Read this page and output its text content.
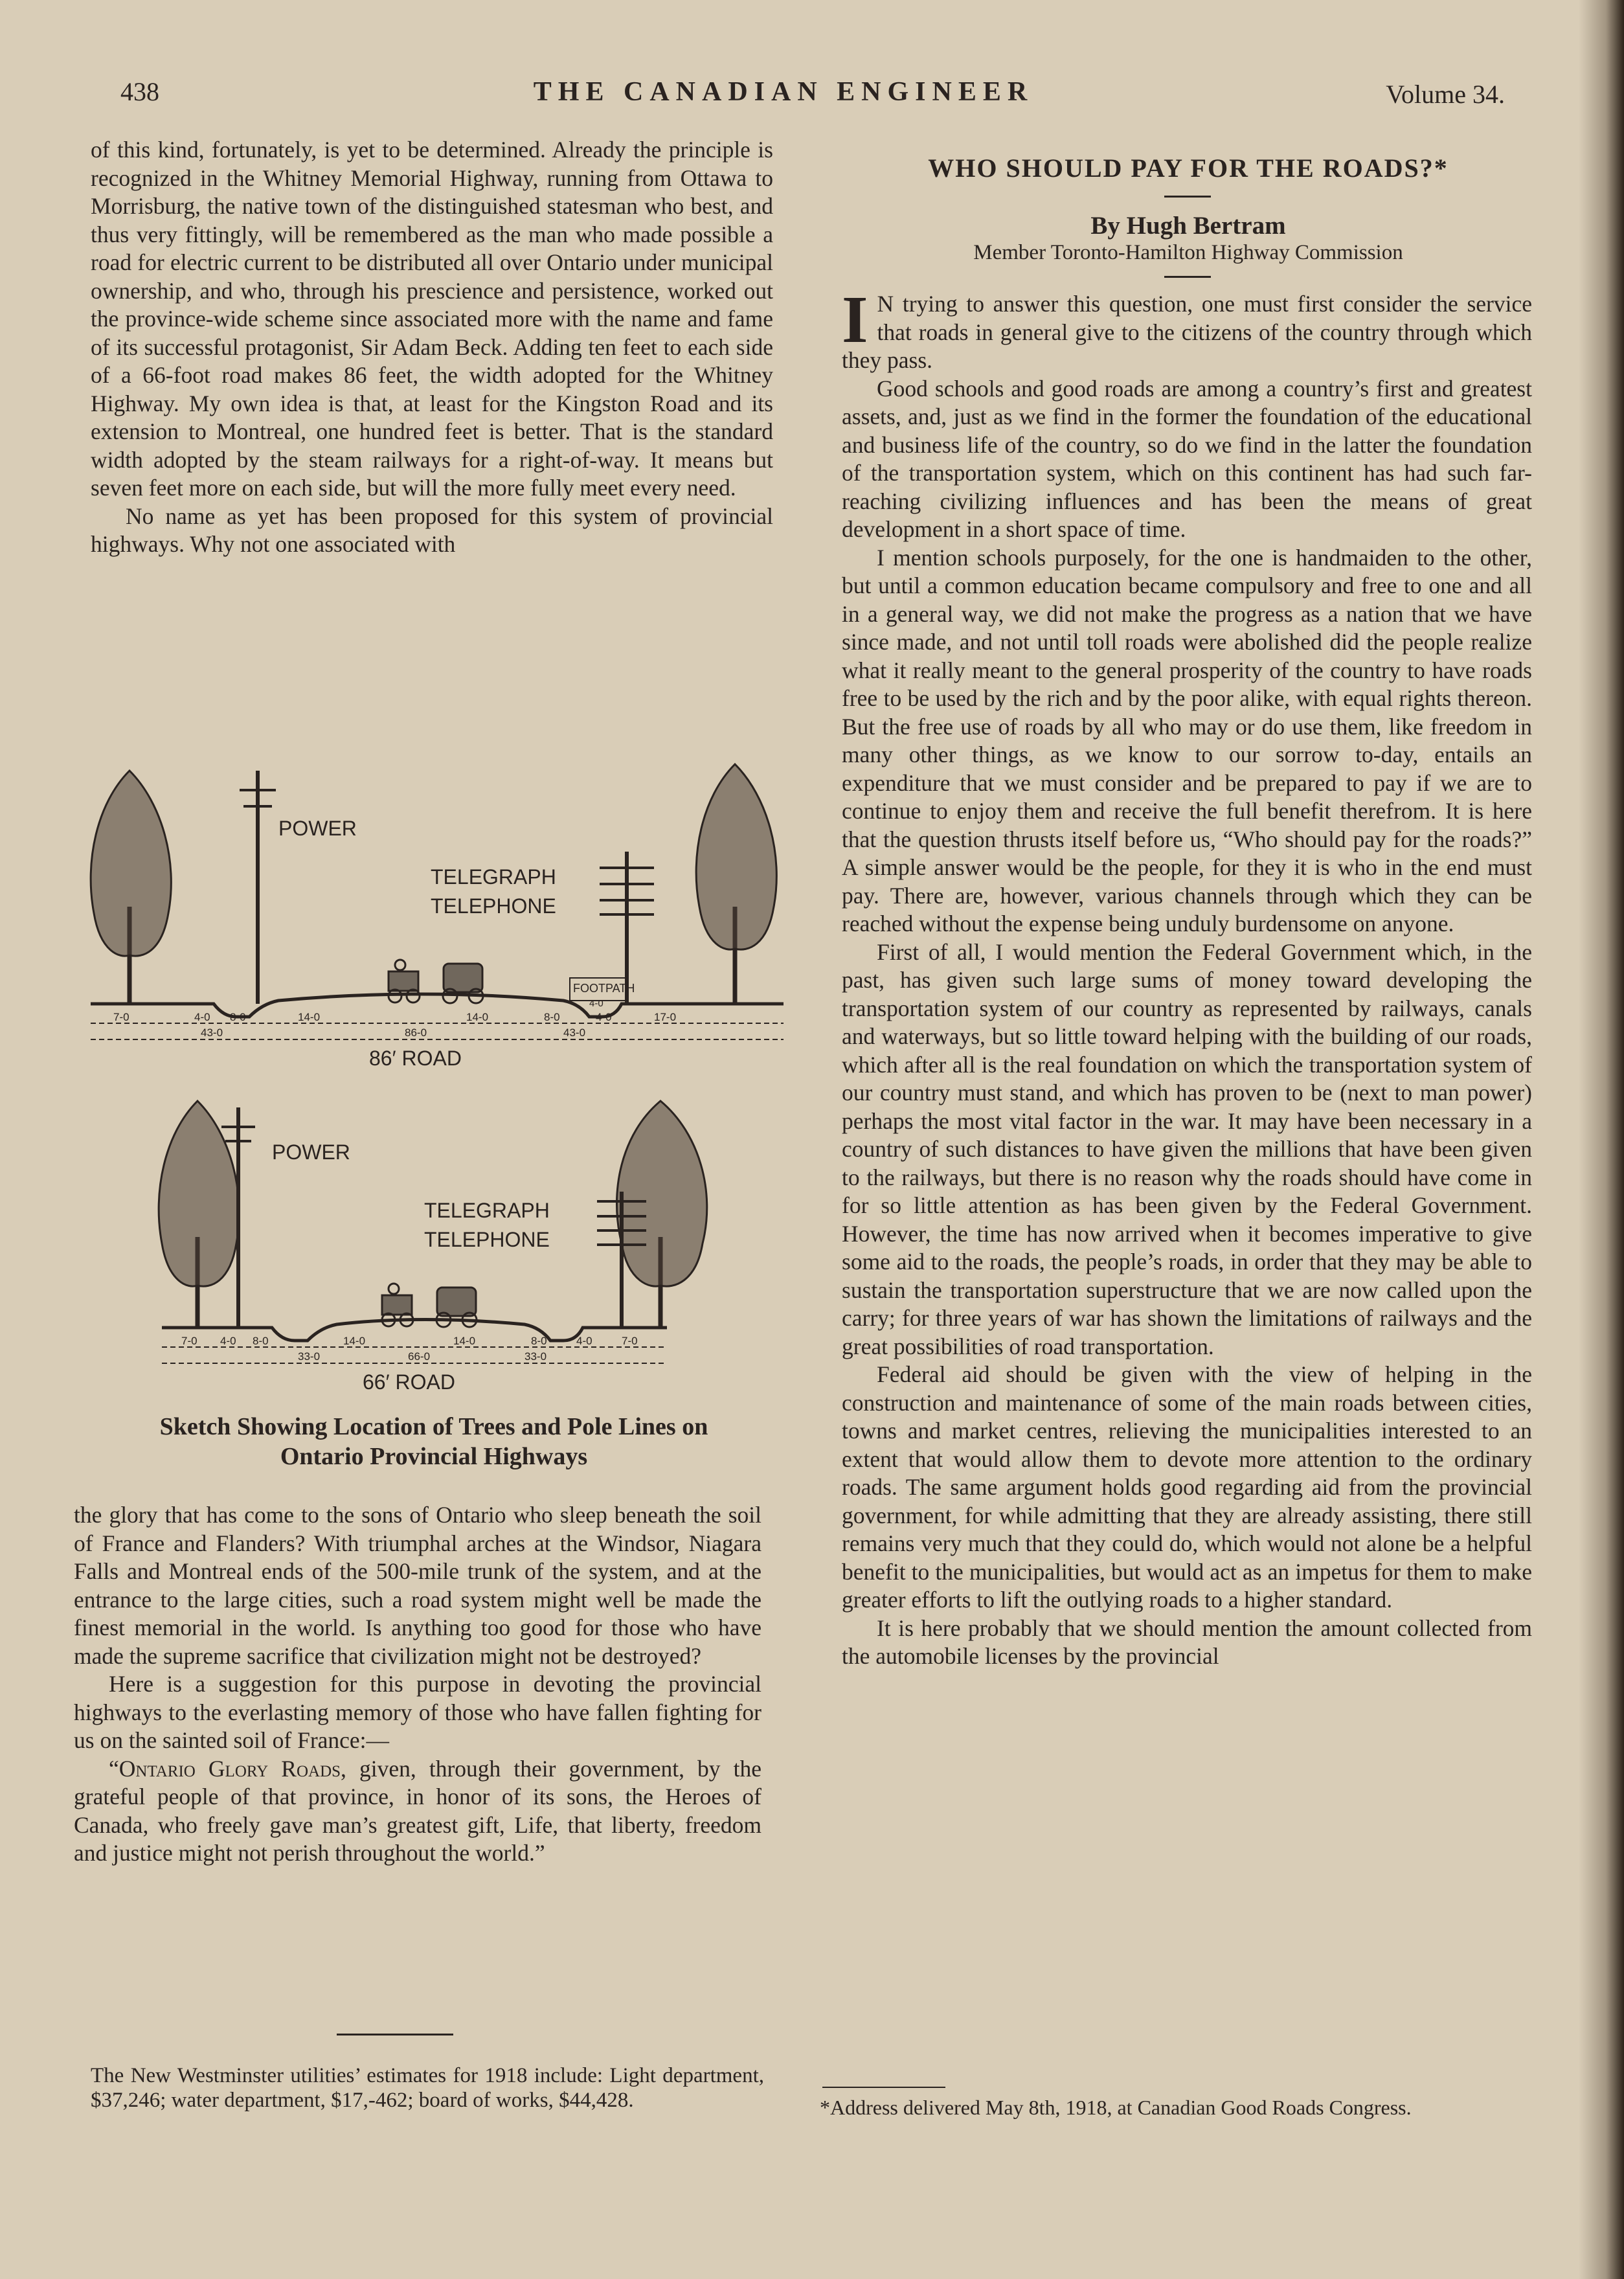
438	THE CANADIAN ENGINEER	Volume 34.

of this kind, fortunately, is yet to be determined. Already the principle is recognized in the Whitney Memorial Highway, running from Ottawa to Morrisburg, the native town of the distinguished statesman who best, and thus very fittingly, will be remembered as the man who made possible a road for electric current to be distributed all over Ontario under municipal ownership, and who, through his prescience and persistence, worked out the province-wide scheme since associated more with the name and fame of its successful protagonist, Sir Adam Beck. Adding ten feet to each side of a 66-foot road makes 86 feet, the width adopted for the Whitney Highway. My own idea is that, at least for the Kingston Road and its extension to Montreal, one hundred feet is better. That is the standard width adopted by the steam railways for a right-of-way. It means but seven feet more on each side, but will the more fully meet every need.

No name as yet has been proposed for this system of provincial highways. Why not one associated with

POWER
TELEGRAPH
TELEPHONE
FOOTPATH
4-0
7-0	4-0 8-0	14-0	14-0	8-0	4-0	17-0
43-0	86-0	43-0
86′ ROAD
POWER
TELEGRAPH
TELEPHONE
7-0 4-0 8-0	14-0	14-0	8-0	4-0	7-0
33-0	66-0	33-0
66′ ROAD
Sketch Showing Location of Trees and Pole Lines on
Ontario Provincial Highways

the glory that has come to the sons of Ontario who sleep beneath the soil of France and Flanders? With triumphal arches at the Windsor, Niagara Falls and Montreal ends of the 500-mile trunk of the system, and at the entrance to the large cities, such a road system might well be made the finest memorial in the world. Is anything too good for those who have made the supreme sacrifice that civilization might not be destroyed?

Here is a suggestion for this purpose in devoting the provincial highways to the everlasting memory of those who have fallen fighting for us on the sainted soil of France:—

“Ontario Glory Roads, given, through their government, by the grateful people of that province, in honor of its sons, the Heroes of Canada, who freely gave man’s greatest gift, Life, that liberty, freedom and justice might not perish throughout the world.”

The New Westminster utilities’ estimates for 1918 include: Light department, $37,246; water department, $17,-462; board of works, $44,428.
WHO SHOULD PAY FOR THE ROADS?*
By Hugh Bertram
Member Toronto-Hamilton Highway Commission

I N trying to answer this question, one must first consider the service that roads in general give to the citizens of the country through which they pass.

Good schools and good roads are among a country’s first and greatest assets, and, just as we find in the former the foundation of the educational and business life of the country, so do we find in the latter the foundation of the transportation system, which on this continent has had such far-reaching civilizing influences and has been the means of great development in a short space of time.

I mention schools purposely, for the one is handmaiden to the other, but until a common education became compulsory and free to one and all in a general way, we did not make the progress as a nation that we have since made, and not until toll roads were abolished did the people realize what it really meant to the general prosperity of the country to have roads free to be used by the rich and by the poor alike, with equal rights thereon. But the free use of roads by all who may or do use them, like freedom in many other things, as we know to our sorrow to-day, entails an expenditure that we must consider and be prepared to pay if we are to continue to enjoy them and receive the full benefit therefrom. It is here that the question thrusts itself before us, “Who should pay for the roads?” A simple answer would be the people, for they it is who in the end must pay. There are, however, various channels through which they can be reached without the expense being unduly burdensome on anyone.

First of all, I would mention the Federal Government which, in the past, has given such large sums of money toward developing the transportation system of our country as represented by railways, canals and waterways, but so little toward helping with the building of our roads, which after all is the real foundation on which the transportation system of our country must stand, and which has proven to be (next to man power) perhaps the most vital factor in the war. It may have been necessary in a country of such distances to have given the millions that have been given to the railways, but there is no reason why the roads should have come in for so little attention as has been given by the Federal Government. However, the time has now arrived when it becomes imperative to give some aid to the roads, the people’s roads, in order that they may be able to sustain the transportation superstructure that we are now called upon the carry; for three years of war has shown the limitations of railways and the great possibilities of road transportation.

Federal aid should be given with the view of helping in the construction and maintenance of some of the main roads between cities, towns and market centres, relieving the municipalities interested to an extent that would allow them to devote more attention to the ordinary roads. The same argument holds good regarding aid from the provincial government, for while admitting that they are already assisting, there still remains very much that they could do, which would not alone be a helpful benefit to the municipalities, but would act as an impetus for them to make greater efforts to lift the outlying roads to a higher standard.

It is here probably that we should mention the amount collected from the automobile licenses by the provincial

*Address delivered May 8th, 1918, at Canadian Good Roads Congress.
